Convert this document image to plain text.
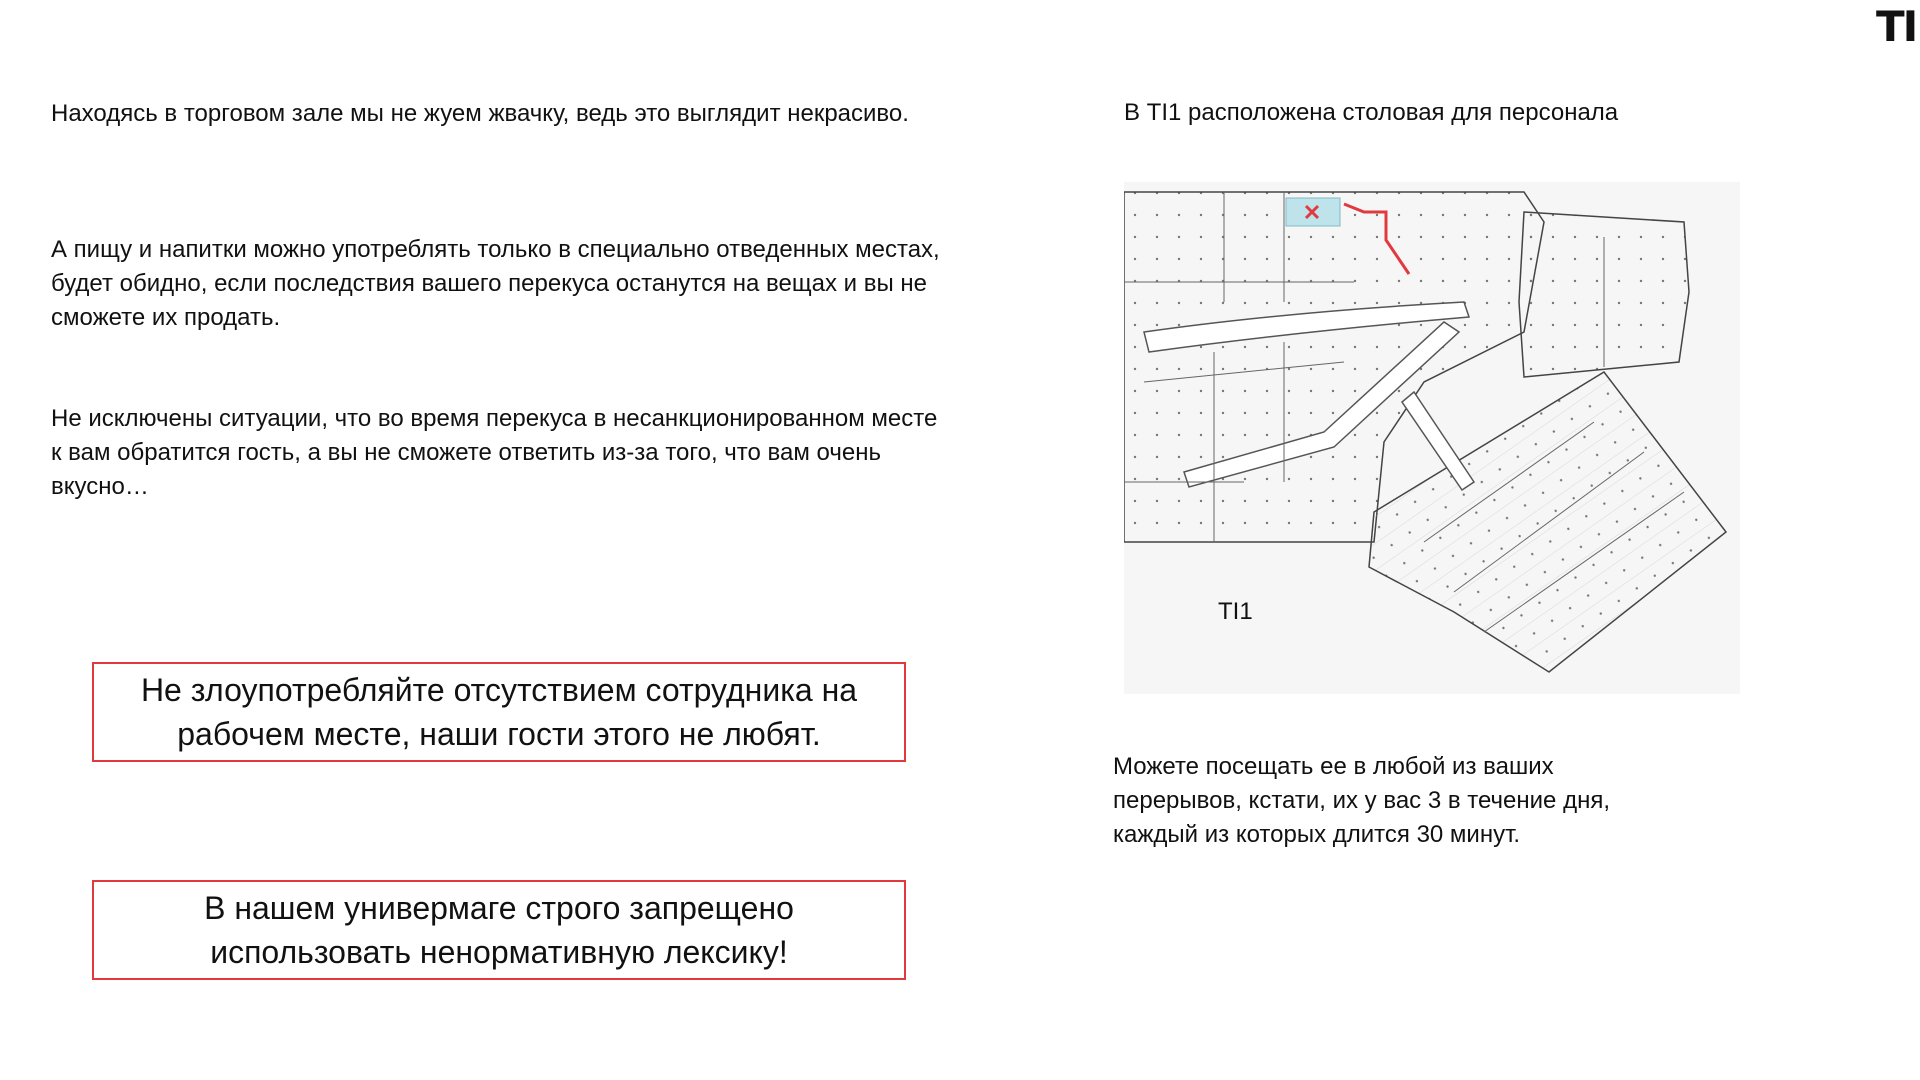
TI

Находясь в торговом зале мы не жуем жвачку, ведь это выглядит некрасиво.

А пищу и напитки можно употреблять только в специально отведенных местах, будет обидно, если последствия вашего перекуса останутся на вещах и вы не сможете их продать.

Не исключены ситуации, что во время перекуса в несанкционированном месте к вам обратится гость, а вы не сможете ответить из-за того, что вам очень вкусно…

Не злоупотребляйте отсутствием сотрудника на рабочем месте, наши гости этого не любят.
В нашем универмаге строго запрещено использовать ненормативную лексику!

В TI1 расположена столовая для персонала

TI1

Можете посещать ее в любой из ваших перерывов, кстати, их у вас 3 в течение дня, каждый из которых длится 30 минут.
